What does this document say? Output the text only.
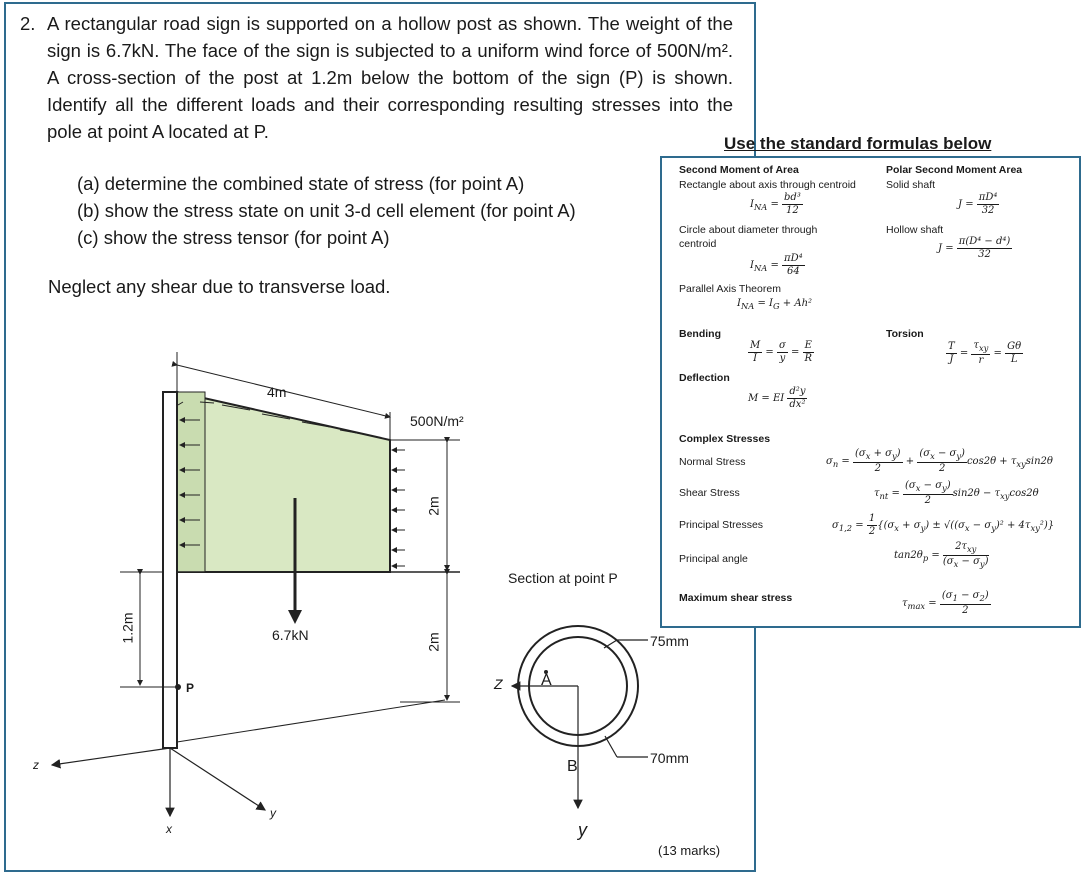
2. A rectangular road sign is supported on a hollow post as shown. The weight of the sign is 6.7kN. The face of the sign is subjected to a uniform wind force of 500N/m². A cross-section of the post at 1.2m below the bottom of the sign (P) is shown. Identify all the different loads and their corresponding resulting stresses into the pole at point A located at P.
(a) determine the combined state of stress (for point A)
(b) show the stress state on unit 3-d cell element (for point A)
(c) show the stress tensor (for point A)
Neglect any shear due to transverse load.
4m
500N/m²
2m
2m
6.7kN
1.2m
P
x
y
z
Section at point P
75mm
70mm
A
B
Z
y
(13 marks)
Use the standard formulas below
Second Moment of Area
Rectangle about axis through centroid
$I_{NA} = \frac{\text{bd³}}{12}$
Circle about diameter through
centroid
$I_{NA} = \frac{\text{πD⁴}}{64}$
Parallel Axis Theorem
$I_{NA} = I_G + Ah^2$
Polar Second Moment Area
Solid shaft
$J = \frac{\text{πD⁴}}{32}$
Hollow shaft
$J = \frac{\text{π(D⁴ − d⁴)}}{32}$
Bending
$\frac{M}{I} = \frac{\sigma}{y} = \frac{E}{R}$
Deflection
M = EI $\frac{\text{d²y}}{\text{dx²}}$
Torsion
$\frac{T}{J} = \frac{\tau_{xy}}{r} = \frac{G\theta}{L}$
Complex Stresses
Normal Stress	$\sigma_n = \frac{(\sigma_x + \sigma_y)}{2} + \frac{(\sigma_x - \sigma_y)}{2} \cos 2\theta + \tau_{xy}\sin 2\theta$
Shear Stress	$\tau_{nt} = \frac{(\sigma_x - \sigma_y)}{2} \sin 2\theta - \tau_{xy}\cos 2\theta$
Principal Stresses	$\sigma_{1,2} = \frac{1}{2} \{(\sigma_x + \sigma_y) \pm √((\sigma_x - \sigma_y)^2 + 4\tau_{xy}^2)\}$
Principal angle	$\tan 2\theta_p = \frac{2\tau_{xy}}{(\sigma_x - \sigma_y)}$
Maximum shear stress	$\tau_{max} = \frac{(\sigma_1 - \sigma_2)}{2}$
